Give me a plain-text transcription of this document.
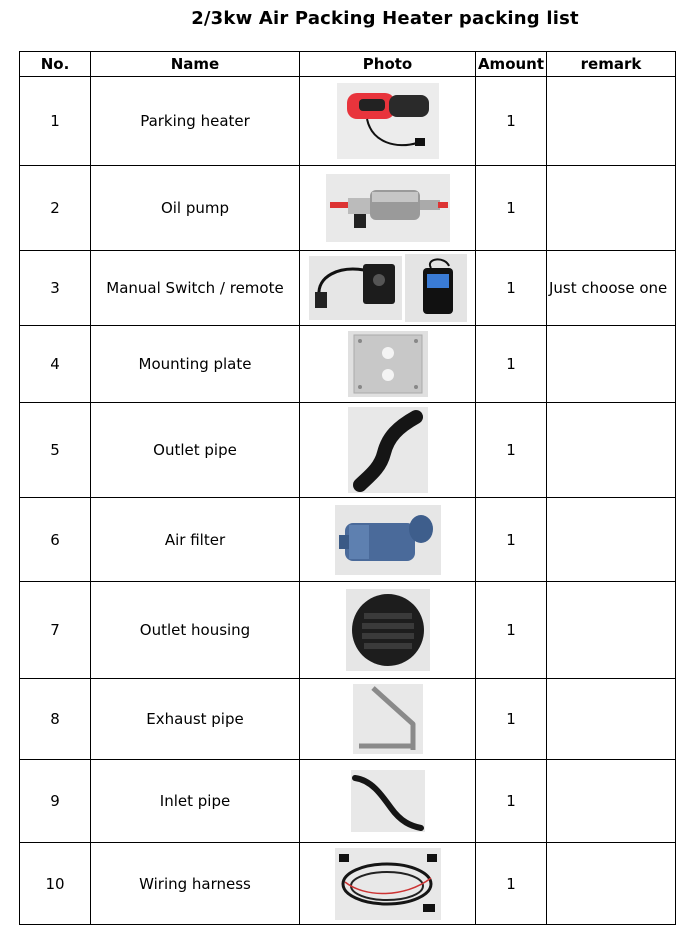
2/3kw Air Packing Heater packing list
No.	Name	Photo	Amount	remark
1	Parking heater		1	
2	Oil pump		1	
3	Manual Switch / remote		1	Just choose one
4	Mounting plate		1	
5	Outlet pipe		1	
6	Air filter		1	
7	Outlet housing		1	
8	Exhaust pipe		1	
9	Inlet pipe		1	
10	Wiring harness		1	
